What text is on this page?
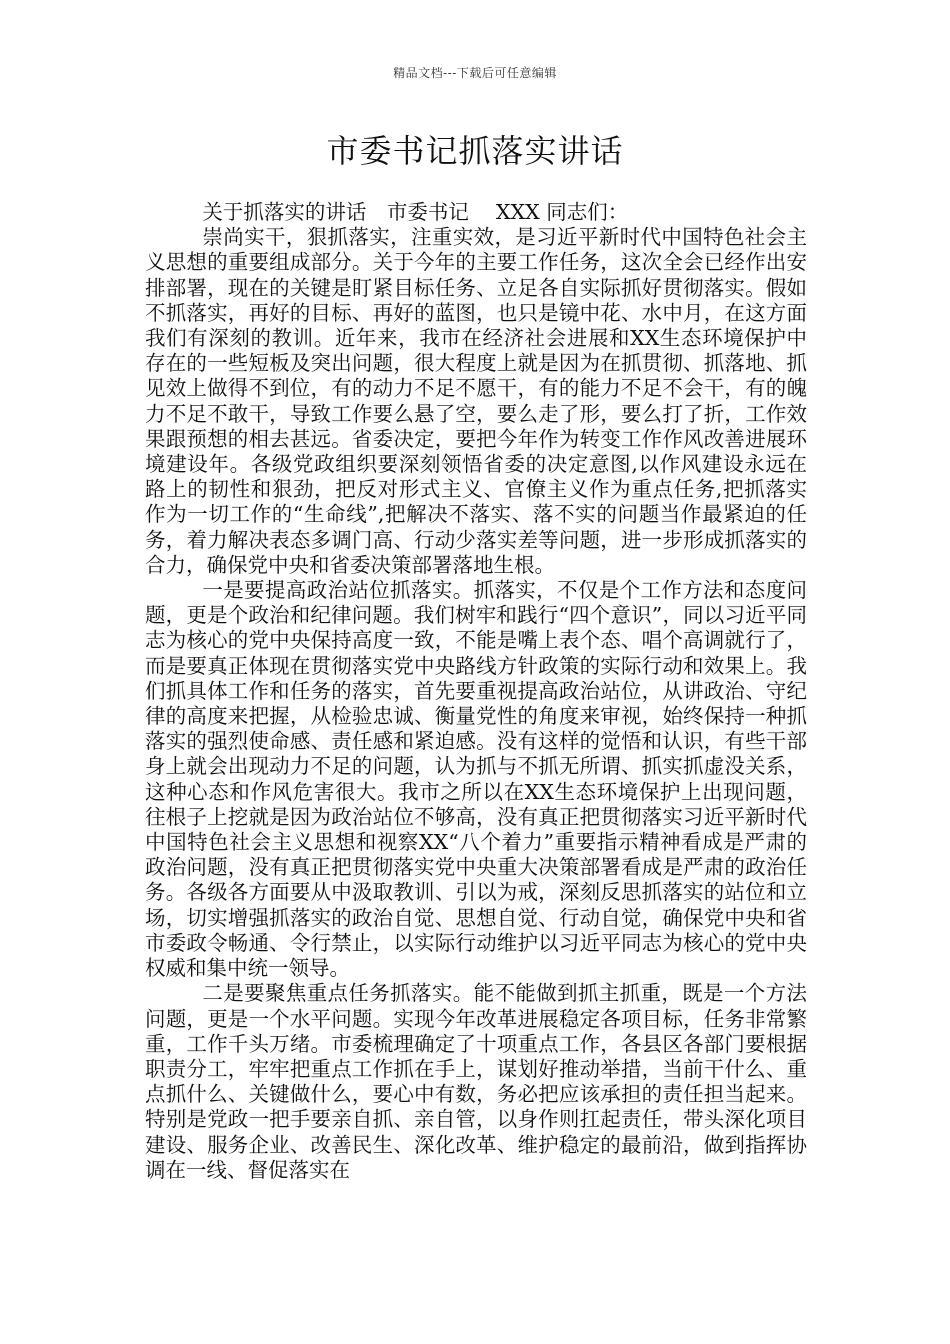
精品文档---下载后可任意编辑
市委书记抓落实讲话

关于抓落实的讲话　市委书记　 XXX 同志们：

崇尚实干，狠抓落实，注重实效，是习近平新时代中国特色社会主义思想的重要组成部分。关于今年的主要工作任务，这次全会已经作出安排部署，现在的关键是盯紧目标任务、立足各自实际抓好贯彻落实。假如不抓落实，再好的目标、再好的蓝图，也只是镜中花、水中月，在这方面我们有深刻的教训。近年来，我市在经济社会进展和XX生态环境保护中存在的一些短板及突出问题，很大程度上就是因为在抓贯彻、抓落地、抓见效上做得不到位，有的动力不足不愿干，有的能力不足不会干，有的魄力不足不敢干，导致工作要么悬了空，要么走了形，要么打了折，工作效果跟预想的相去甚远。省委决定，要把今年作为转变工作作风改善进展环境建设年。各级党政组织要深刻领悟省委的决定意图,以作风建设永远在路上的韧性和狠劲，把反对形式主义、官僚主义作为重点任务,把抓落实作为一切工作的“生命线”,把解决不落实、落不实的问题当作最紧迫的任务，着力解决表态多调门高、行动少落实差等问题，进一步形成抓落实的合力，确保党中央和省委决策部署落地生根。

一是要提高政治站位抓落实。抓落实，不仅是个工作方法和态度问题，更是个政治和纪律问题。我们树牢和践行“四个意识”，同以习近平同志为核心的党中央保持高度一致，不能是嘴上表个态、唱个高调就行了，而是要真正体现在贯彻落实党中央路线方针政策的实际行动和效果上。我们抓具体工作和任务的落实，首先要重视提高政治站位，从讲政治、守纪律的高度来把握，从检验忠诚、衡量党性的角度来审视，始终保持一种抓落实的强烈使命感、责任感和紧迫感。没有这样的觉悟和认识，有些干部身上就会出现动力不足的问题，认为抓与不抓无所谓、抓实抓虚没关系，这种心态和作风危害很大。我市之所以在XX生态环境保护上出现问题，往根子上挖就是因为政治站位不够高，没有真正把贯彻落实习近平新时代中国特色社会主义思想和视察XX“八个着力”重要指示精神看成是严肃的政治问题，没有真正把贯彻落实党中央重大决策部署看成是严肃的政治任务。各级各方面要从中汲取教训、引以为戒，深刻反思抓落实的站位和立场，切实增强抓落实的政治自觉、思想自觉、行动自觉，确保党中央和省市委政令畅通、令行禁止，以实际行动维护以习近平同志为核心的党中央权威和集中统一领导。

二是要聚焦重点任务抓落实。能不能做到抓主抓重，既是一个方法问题，更是一个水平问题。实现今年改革进展稳定各项目标，任务非常繁重，工作千头万绪。市委梳理确定了十项重点工作，各县区各部门要根据职责分工，牢牢把重点工作抓在手上，谋划好推动举措，当前干什么、重点抓什么、关键做什么，要心中有数，务必把应该承担的责任担当起来。特别是党政一把手要亲自抓、亲自管，以身作则扛起责任，带头深化项目建设、服务企业、改善民生、深化改革、维护稳定的最前沿，做到指挥协调在一线、督促落实在
